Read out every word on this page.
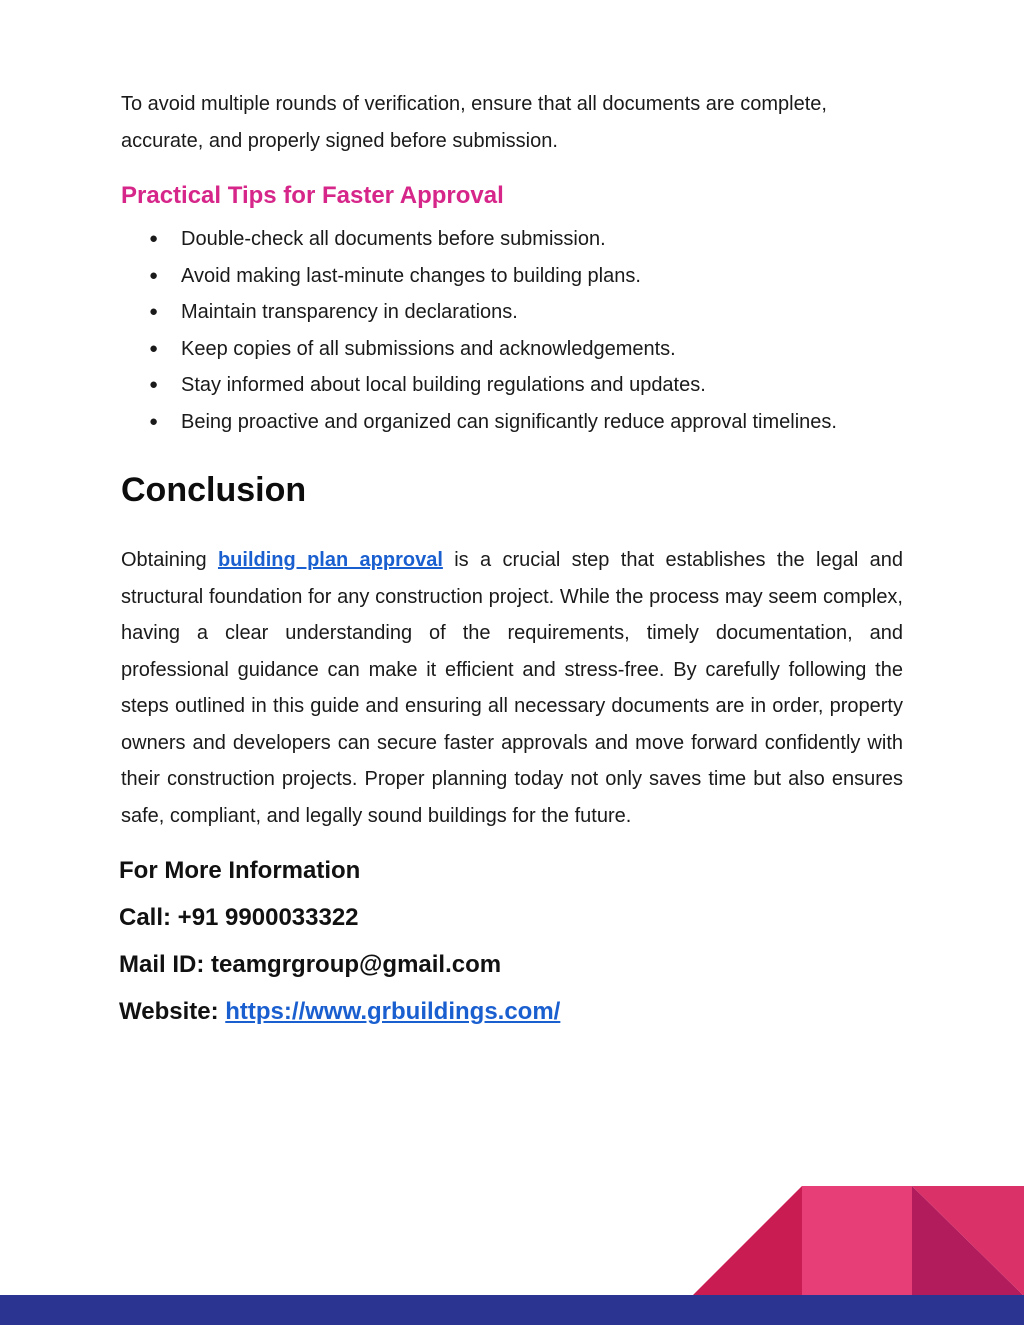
To avoid multiple rounds of verification, ensure that all documents are complete, accurate, and properly signed before submission.

Practical Tips for Faster Approval
● Double-check all documents before submission.
● Avoid making last-minute changes to building plans.
● Maintain transparency in declarations.
● Keep copies of all submissions and acknowledgements.
● Stay informed about local building regulations and updates.
● Being proactive and organized can significantly reduce approval timelines.
Conclusion

Obtaining building plan approval is a crucial step that establishes the legal and structural foundation for any construction project. While the process may seem complex, having a clear understanding of the requirements, timely documentation, and professional guidance can make it efficient and stress-free. By carefully following the steps outlined in this guide and ensuring all necessary documents are in order, property owners and developers can secure faster approvals and move forward confidently with their construction projects. Proper planning today not only saves time but also ensures safe, compliant, and legally sound buildings for the future.

For More Information
Call: +91 9900033322
Mail ID: teamgrgroup@gmail.com
Website: https://www.grbuildings.com/
